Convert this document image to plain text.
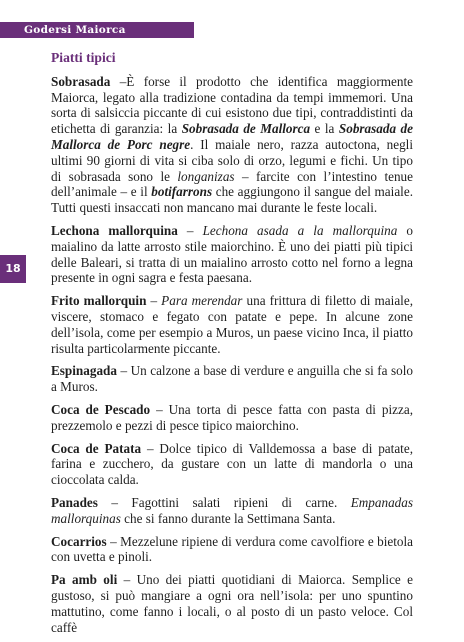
Godersi Maiorca
18
Piatti tipici

Sobrasada –È forse il prodotto che identifica maggiormente Maiorca, legato alla tradizione contadina da tempi immemori. Una sorta di salsiccia piccante di cui esistono due tipi, contraddistinti da etichetta di garanzia: la Sobrasada de Mallorca e la Sobrasada de Mallorca de Porc negre. Il maiale nero, razza autoctona, negli ultimi 90 giorni di vita si ciba solo di orzo, legumi e fichi. Un tipo di sobrasada sono le longanizas – farcite con l’intestino tenue dell’animale – e il botifarrons che aggiungono il sangue del maiale. Tutti questi insaccati non mancano mai durante le feste locali.

Lechona mallorquina – Lechona asada a la mallorquina o maialino da latte arrosto stile maiorchino. È uno dei piatti più tipici delle Baleari, si tratta di un maialino arrosto cotto nel forno a legna presente in ogni sagra e festa paesana.

Frito mallorquin – Para merendar una frittura di filetto di maiale, viscere, stomaco e fegato con patate e pepe. In alcune zone dell’isola, come per esempio a Muros, un paese vicino Inca, il piatto risulta particolarmente piccante.

Espinagada – Un calzone a base di verdure e anguilla che si fa solo a Muros.

Coca de Pescado – Una torta di pesce fatta con pasta di pizza, prezzemolo e pezzi di pesce tipico maiorchino.

Coca de Patata – Dolce tipico di Valldemossa a base di patate, farina e zucchero, da gustare con un latte di mandorla o una cioccolata calda.

Panades – Fagottini salati ripieni di carne. Empanadas mallorquinas che si fanno durante la Settimana Santa.

Cocarrios – Mezzelune ripiene di verdura come cavolfiore e bietola con uvetta e pinoli.

Pa amb oli – Uno dei piatti quotidiani di Maiorca. Semplice e gustoso, si può mangiare a ogni ora nell’isola: per uno spuntino mattutino, come fanno i locali, o al posto di un pasto veloce. Col caffè
